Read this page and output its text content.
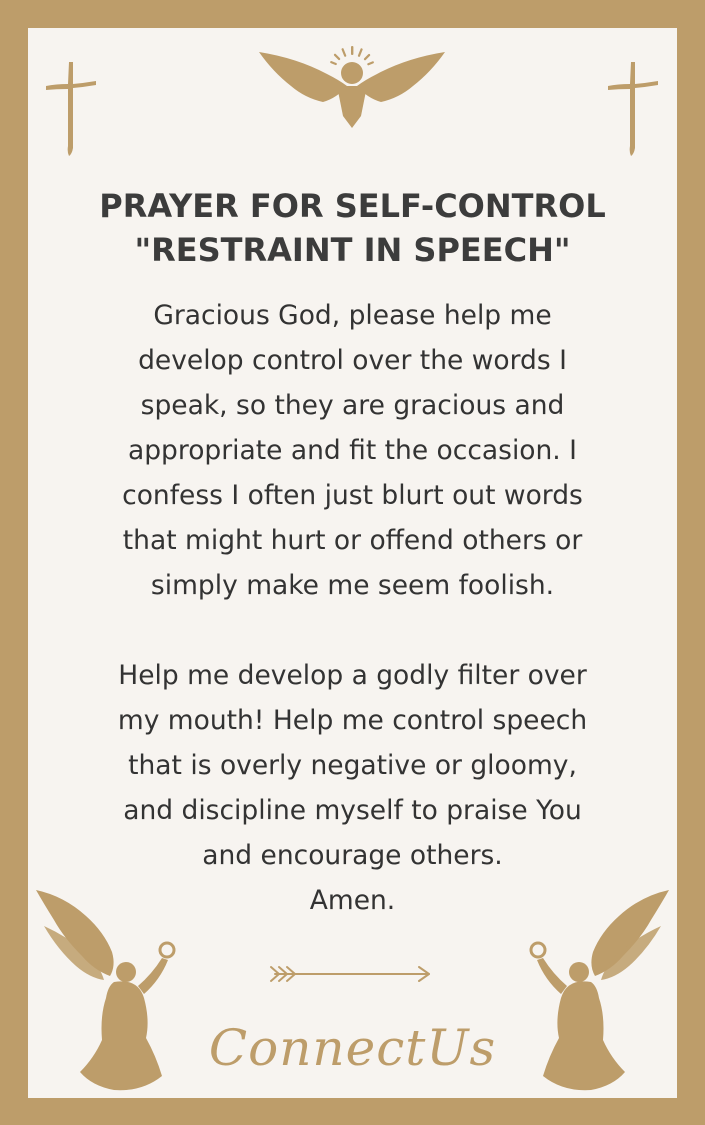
PRAYER FOR SELF-CONTROL
"RESTRAINT IN SPEECH"
Gracious God, please help me
develop control over the words I
speak, so they are gracious and
appropriate and fit the occasion. I
confess I often just blurt out words
that might hurt or offend others or
simply make me seem foolish.
Help me develop a godly filter over
my mouth! Help me control speech
that is overly negative or gloomy,
and discipline myself to praise You
and encourage others.
Amen.
ConnectUs
